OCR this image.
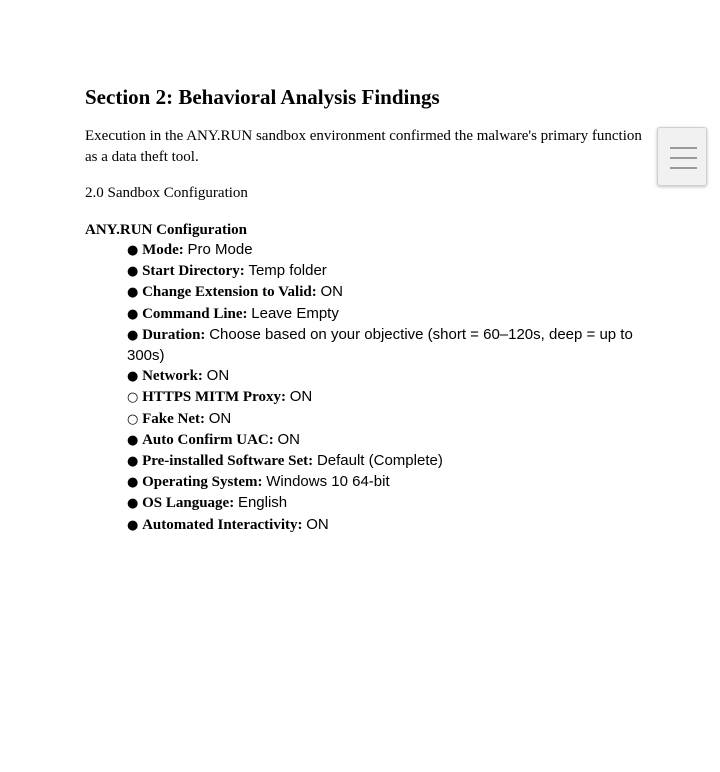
Section 2: Behavioral Analysis Findings

Execution in the ANY.RUN sandbox environment confirmed the malware's primary function as a data theft tool.

2.0 Sandbox Configuration

ANY.RUN Configuration

● Mode: Pro Mode
● Start Directory: Temp folder
● Change Extension to Valid: ON
● Command Line: Leave Empty
● Duration: Choose based on your objective (short = 60–120s, deep = up to 300s)
● Network: ON
○ HTTPS MITM Proxy: ON
○ Fake Net: ON
● Auto Confirm UAC: ON
● Pre-installed Software Set: Default (Complete)
● Operating System: Windows 10 64-bit
● OS Language: English
● Automated Interactivity: ON
